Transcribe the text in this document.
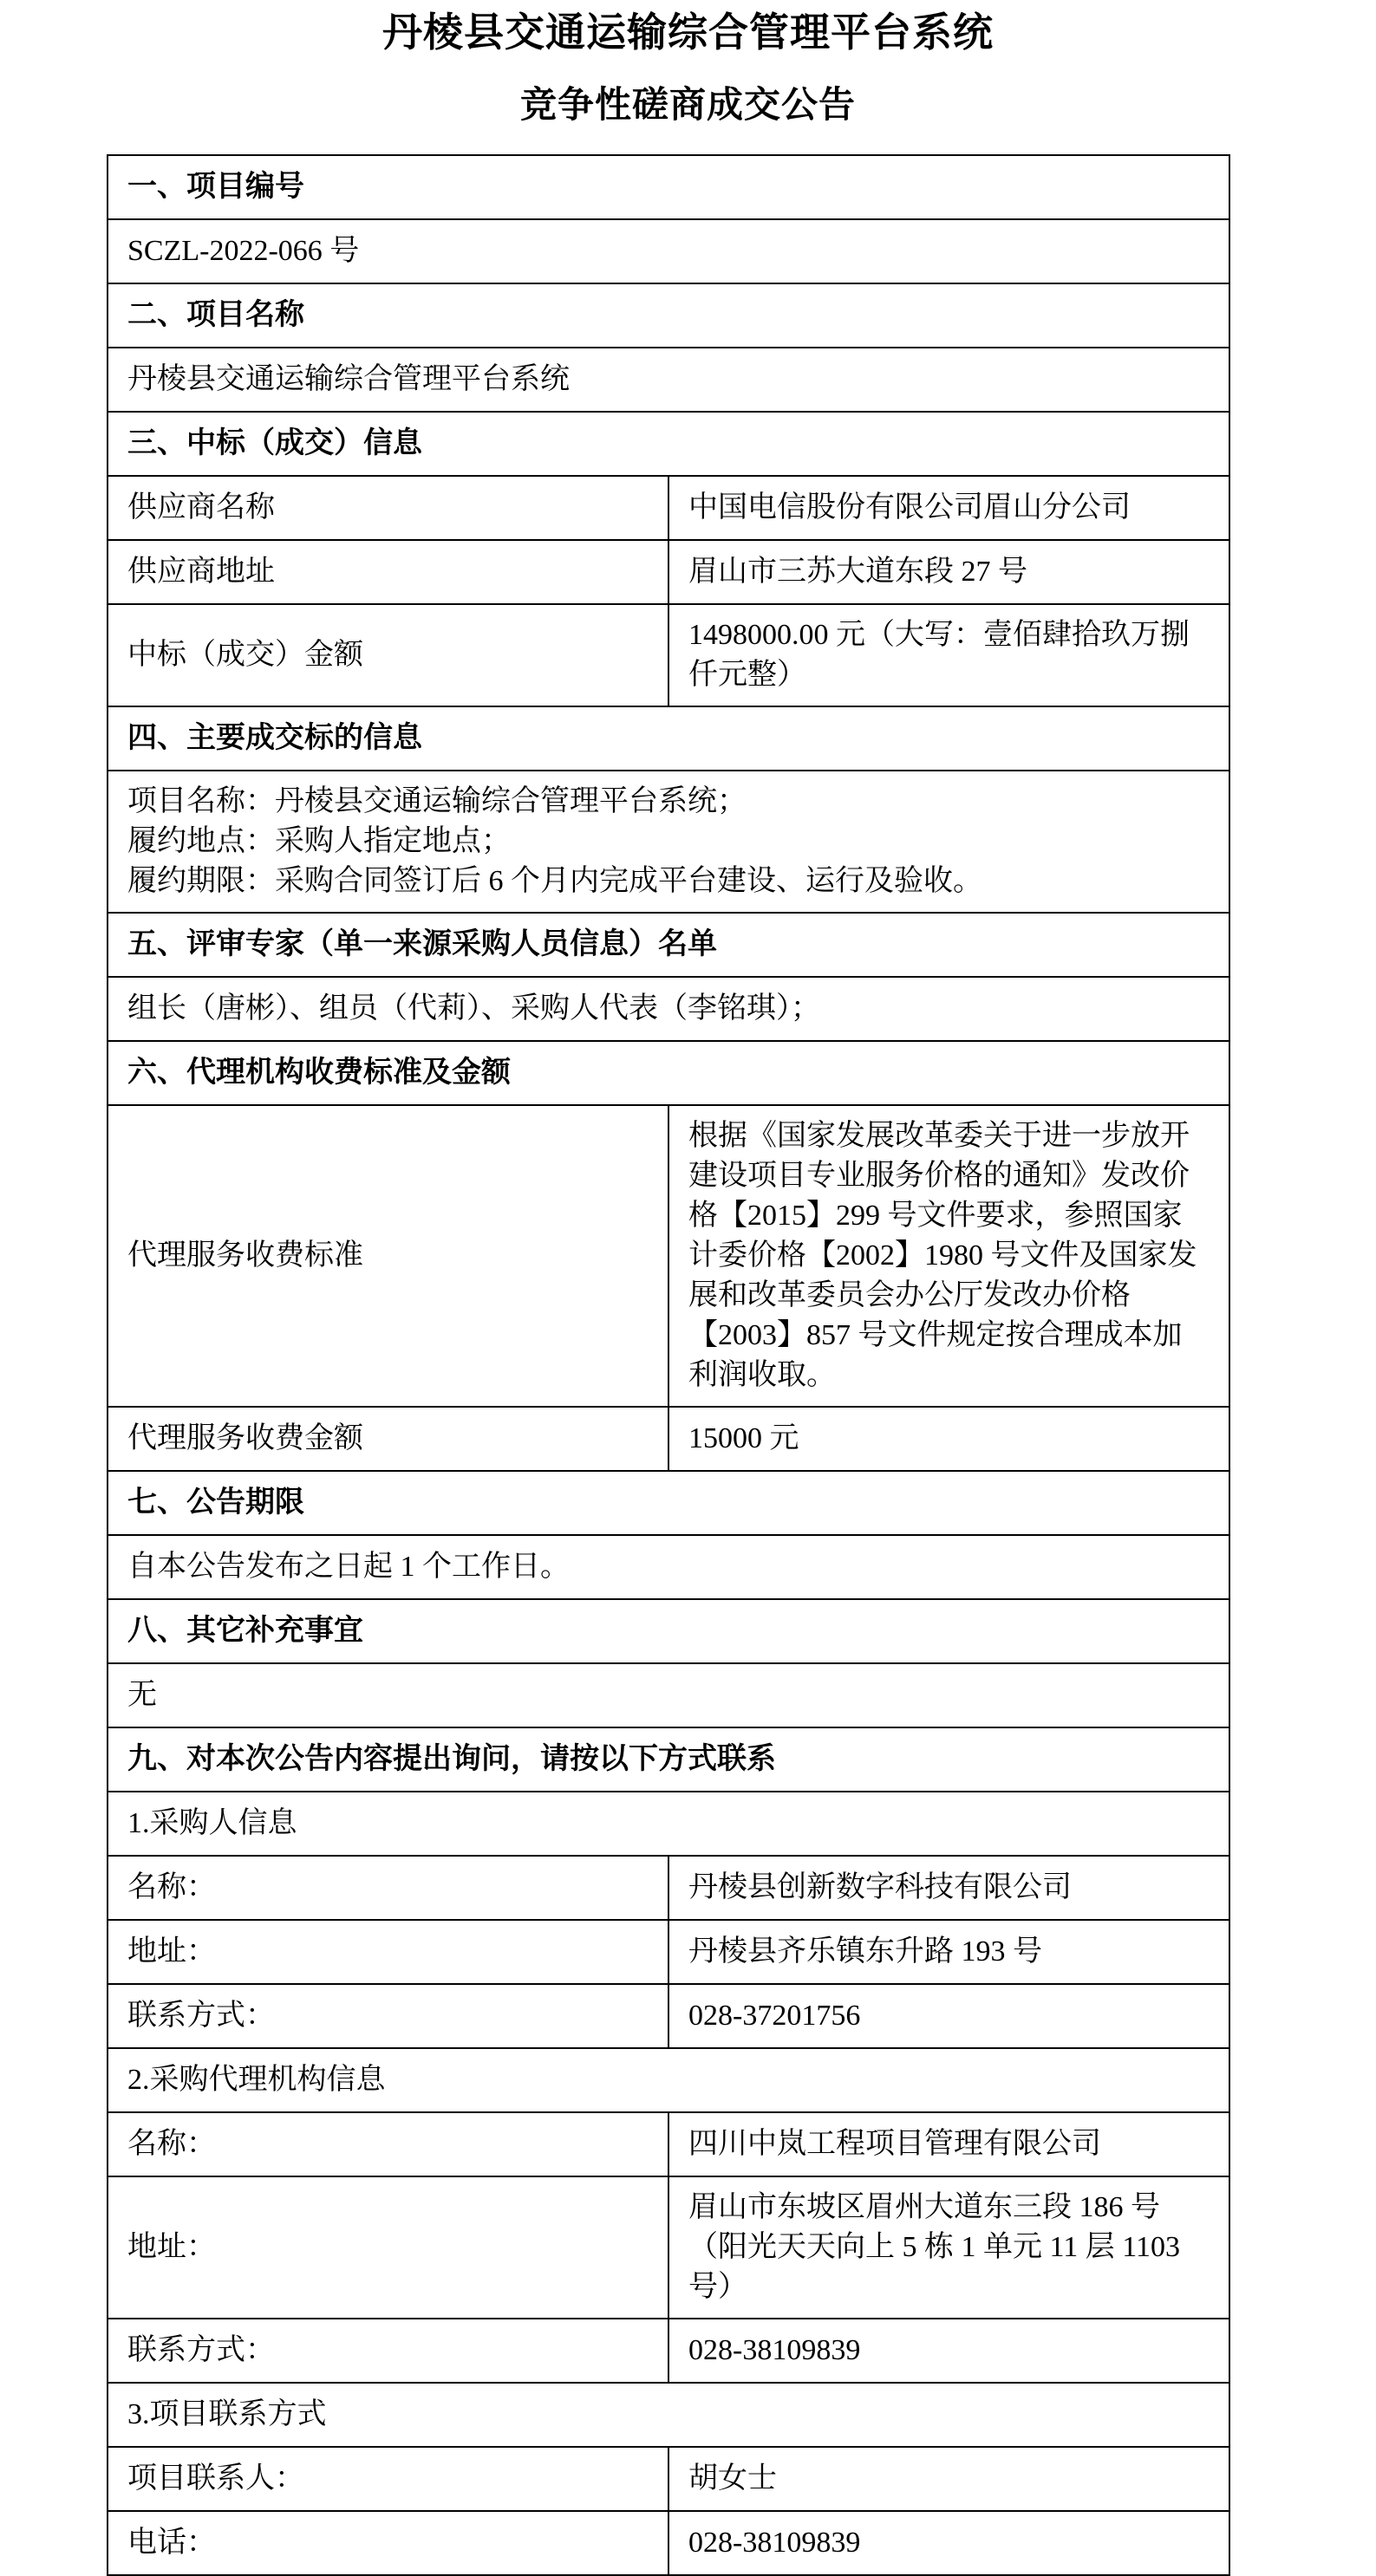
丹棱县交通运输综合管理平台系统
竞争性磋商成交公告
一、项目编号	
SCZL-2022-066 号	
二、项目名称	
丹棱县交通运输综合管理平台系统	
三、中标（成交）信息	
供应商名称	中国电信股份有限公司眉山分公司
供应商地址	眉山市三苏大道东段 27 号
中标（成交）金额	1498000.00 元（大写：壹佰肆拾玖万捌仟元整）
四、主要成交标的信息	

项目名称：丹棱县交通运输综合管理平台系统；
履约地点：采购人指定地点；
履约期限：采购合同签订后 6 个月内完成平台建设、运行及验收。	

五、评审专家（单一来源采购人员信息）名单	
组长（唐彬）、组员（代莉）、采购人代表（李铭琪）；	
六、代理机构收费标准及金额	
代理服务收费标准	根据《国家发展改革委关于进一步放开建设项目专业服务价格的通知》发改价格【2015】299 号文件要求，参照国家计委价格【2002】1980 号文件及国家发展和改革委员会办公厅发改办价格【2003】857 号文件规定按合理成本加利润收取。
代理服务收费金额	15000 元
七、公告期限	
自本公告发布之日起 1 个工作日。	
八、其它补充事宜	
无	
九、对本次公告内容提出询问，请按以下方式联系	
1.采购人信息	
名称：	丹棱县创新数字科技有限公司
地址：	丹棱县齐乐镇东升路 193 号
联系方式：	028-37201756
2.采购代理机构信息	
名称：	四川中岚工程项目管理有限公司
地址：	眉山市东坡区眉州大道东三段 186 号（阳光天天向上 5 栋 1 单元 11 层 1103 号）
联系方式：	028-38109839
3.项目联系方式	
项目联系人：	胡女士
电话：	028-38109839
